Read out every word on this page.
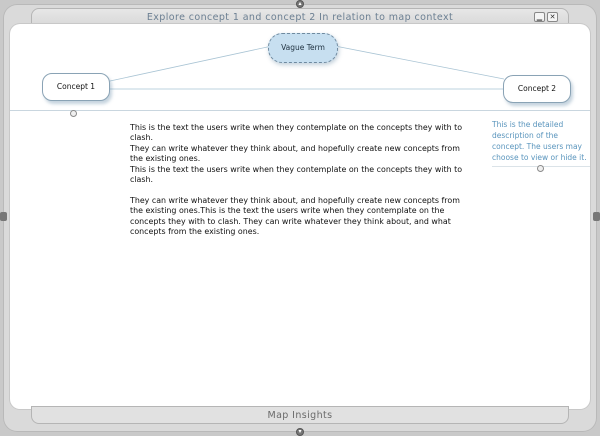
▴
Explore concept 1 and concept 2 In relation to map context	▁	✕
Concept 1
Vague Term
Concept 2

This is the text the users write when they contemplate on the concepts they with to clash.
They can write whatever they think about, and hopefully create new concepts from the existing ones.
This is the text the users write when they contemplate on the concepts they with to clash.

They can write whatever they think about, and hopefully create new concepts from the existing ones.This is the text the users write when they contemplate on the concepts they with to clash. They can write whatever they think about, and what concepts from the existing ones.

This is the detailed description of the concept. The users may choose to view or hide it.
Map Insights
▾
